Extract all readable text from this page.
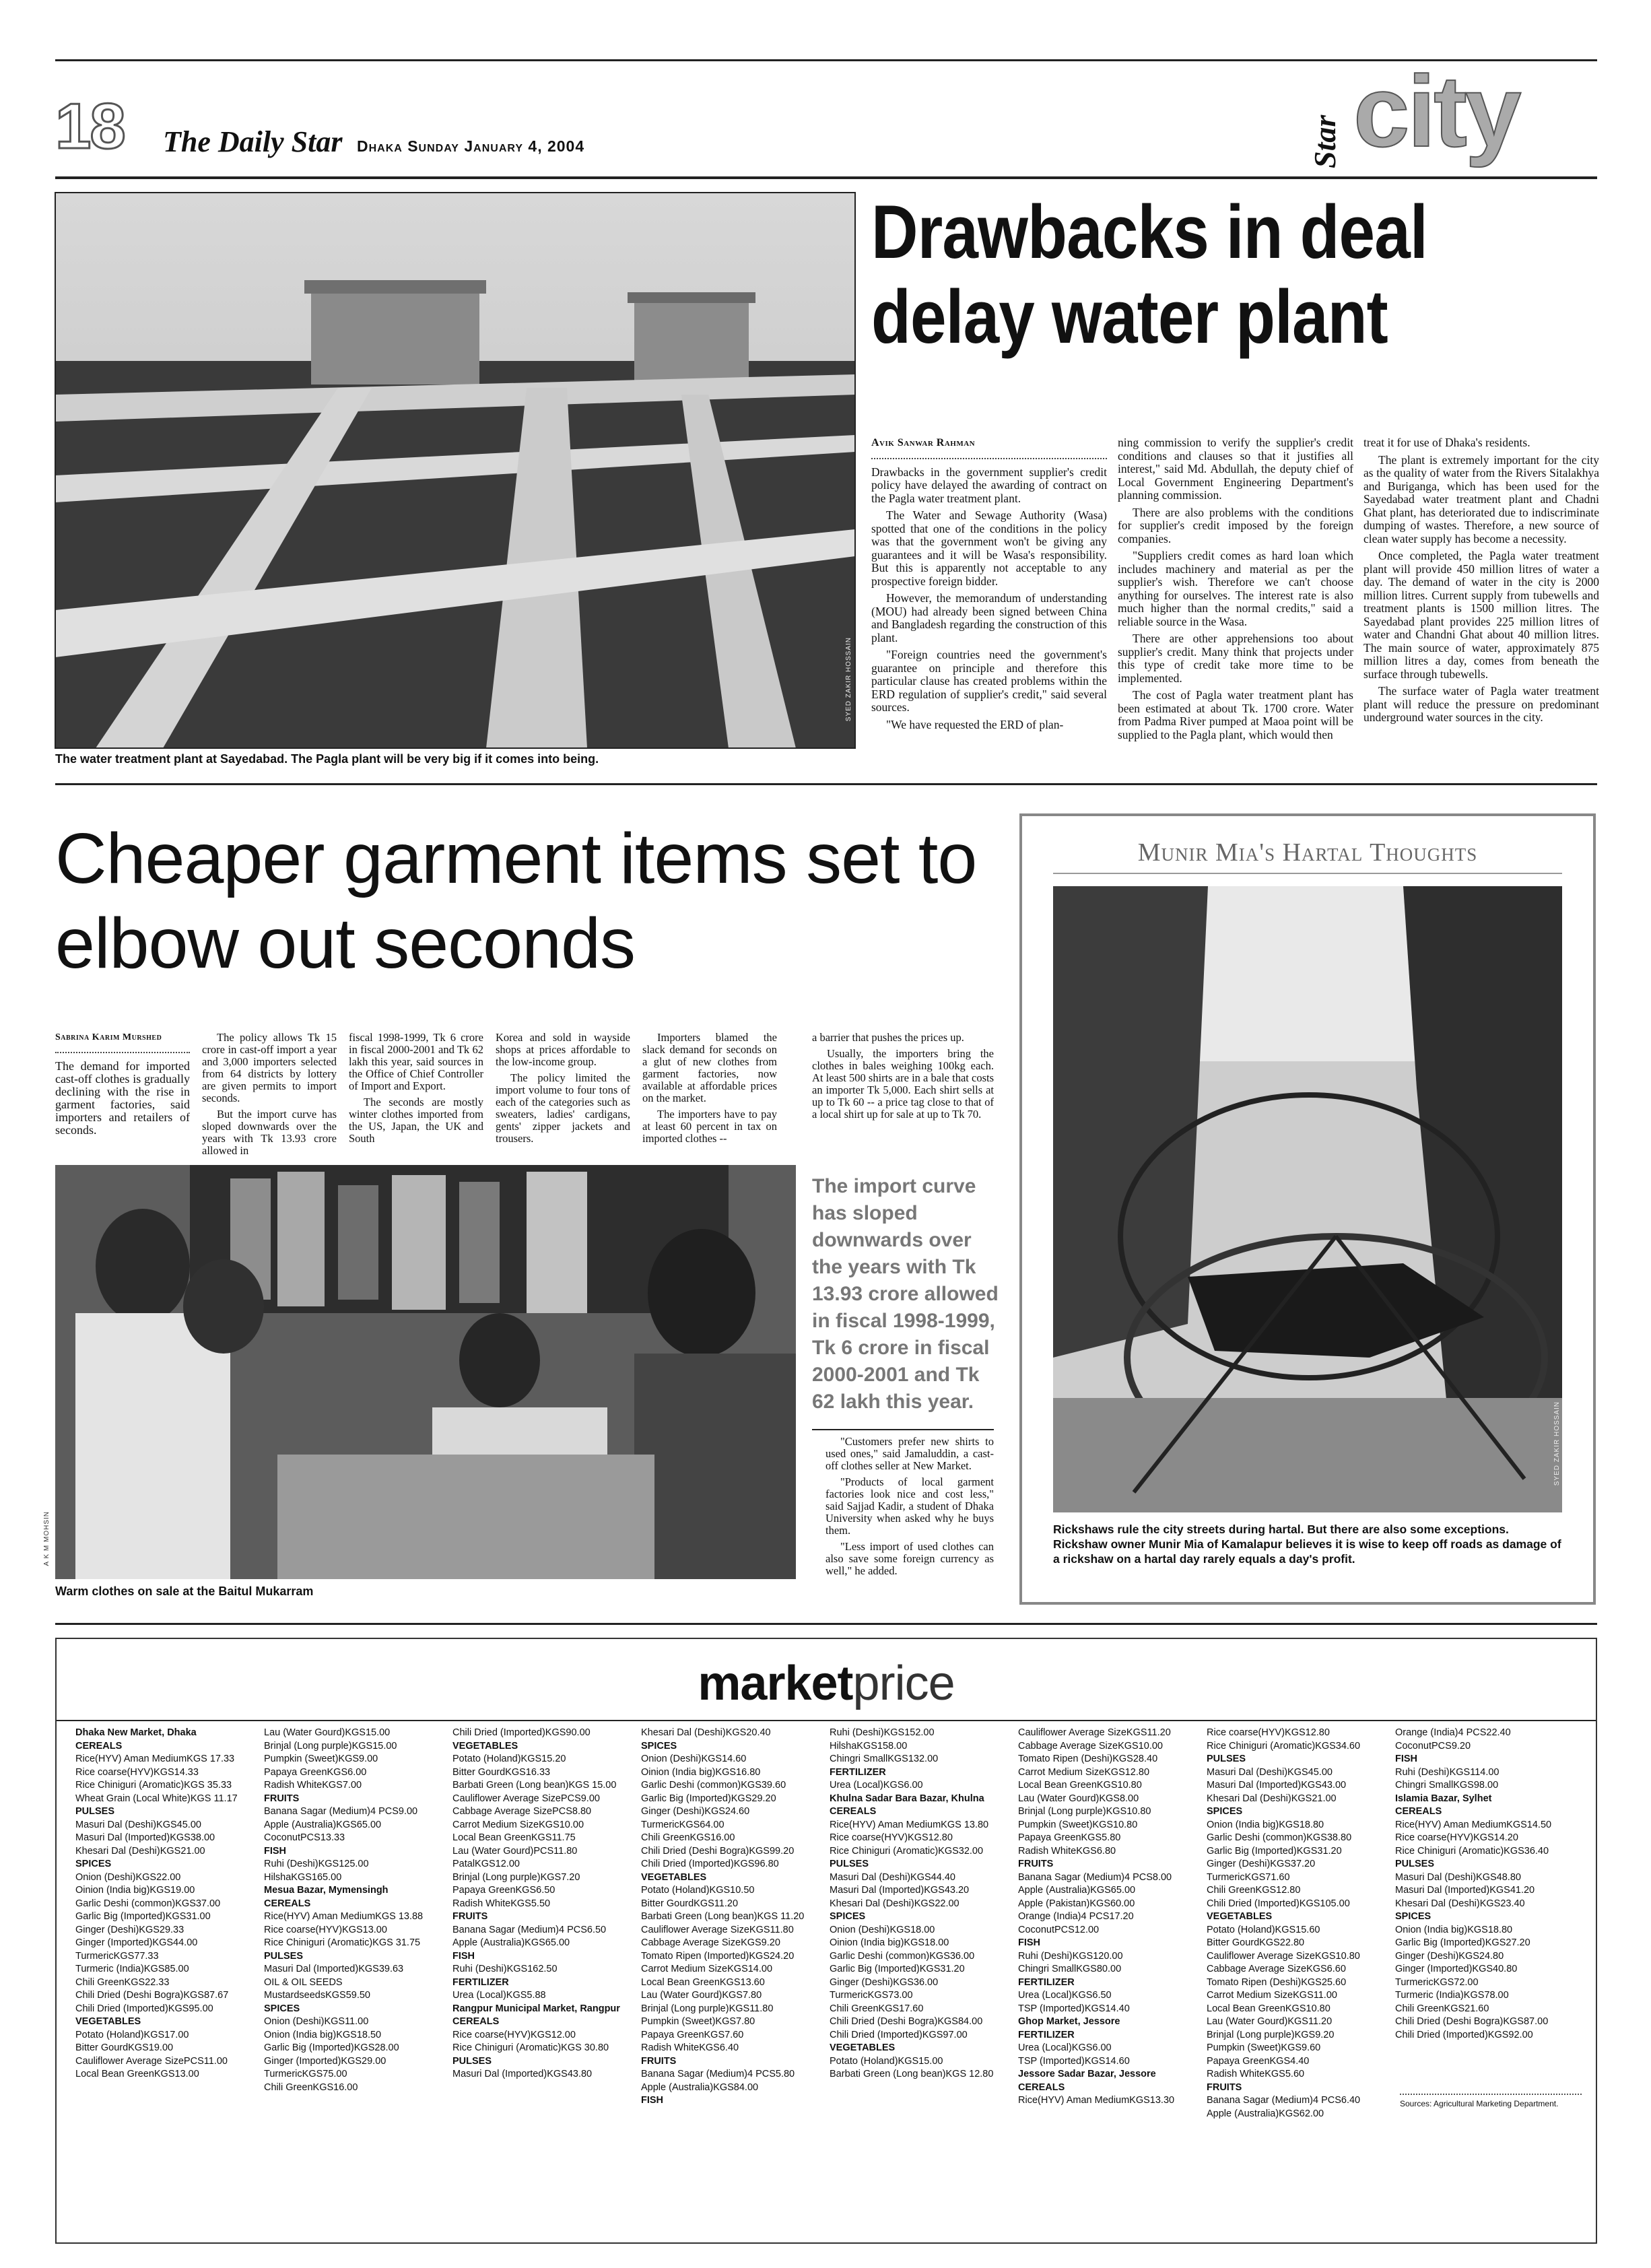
18 The Daily Star Dhaka Sunday January 4, 2004	Star city
SYED ZAKIR HOSSAIN
The water treatment plant at Sayedabad. The Pagla plant will be very big if it comes into being.
Drawbacks in deal delay water plant
Avik Sanwar Rahman

Drawbacks in the government supplier's credit policy have delayed the awarding of contract on the Pagla water treatment plant.

The Water and Sewage Authority (Wasa) spotted that one of the conditions in the policy was that the government won't be giving any guarantees and it will be Wasa's responsibility. But this is apparently not acceptable to any prospective foreign bidder.

However, the memorandum of understanding (MOU) had already been signed between China and Bangladesh regarding the construction of this plant.

"Foreign countries need the government's guarantee on principle and therefore this particular clause has created problems within the ERD regulation of supplier's credit," said several sources.

"We have requested the ERD of plan-

ning commission to verify the supplier's credit conditions and clauses so that it justifies all interest," said Md. Abdullah, the deputy chief of Local Government Engineering Department's planning commission.

There are also problems with the conditions for supplier's credit imposed by the foreign companies.

"Suppliers credit comes as hard loan which includes machinery and material as per the supplier's wish. Therefore we can't choose anything for ourselves. The interest rate is also much higher than the normal credits," said a reliable source in the Wasa.

There are other apprehensions too about supplier's credit. Many think that projects under this type of credit take more time to be implemented.

The cost of Pagla water treatment plant has been estimated at about Tk. 1700 crore. Water from Padma River pumped at Maoa point will be supplied to the Pagla plant, which would then

treat it for use of Dhaka's residents.

The plant is extremely important for the city as the quality of water from the Rivers Sitalakhya and Buriganga, which has been used for the Sayedabad water treatment plant and Chadni Ghat plant, has deteriorated due to indiscriminate dumping of wastes. Therefore, a new source of clean water supply has become a necessity.

Once completed, the Pagla water treatment plant will provide 450 million litres of water a day. The demand of water in the city is 2000 million litres. Current supply from tubewells and treatment plants is 1500 million litres. The Sayedabad plant provides 225 million litres of water and Chandni Ghat about 40 million litres. The main source of water, approximately 875 million litres a day, comes from beneath the surface through tubewells.

The surface water of Pagla water treatment plant will reduce the pressure on predominant underground water sources in the city.

Cheaper garment items set to elbow out seconds
Sabrina Karim Murshed

The demand for imported cast-off clothes is gradually declining with the rise in garment factories, said importers and retailers of seconds.

The policy allows Tk 15 crore in cast-off import a year and 3,000 importers selected from 64 districts by lottery are given permits to import seconds.

But the import curve has sloped downwards over the years with Tk 13.93 crore allowed in

fiscal 1998-1999, Tk 6 crore in fiscal 2000-2001 and Tk 62 lakh this year, said sources in the Office of Chief Controller of Import and Export.

The seconds are mostly winter clothes imported from the US, Japan, the UK and South

Korea and sold in wayside shops at prices affordable to the low-income group.

The policy limited the import volume to four tons of each of the categories such as sweaters, ladies' cardigans, gents' zipper jackets and trousers.

Importers blamed the slack demand for seconds on a glut of new clothes from garment factories, now available at affordable prices on the market.

The importers have to pay at least 60 percent in tax on imported clothes --

a barrier that pushes the prices up.

Usually, the importers bring the clothes in bales weighing 100kg each. At least 500 shirts are in a bale that costs an importer Tk 5,000. Each shirt sells at up to Tk 60 -- a price tag close to that of a local shirt up for sale at up to Tk 70.

A K M MOHSIN
Warm clothes on sale at the Baitul Mukarram
The import curve has sloped downwards over the years with Tk 13.93 crore allowed in fiscal 1998-1999, Tk 6 crore in fiscal 2000-2001 and Tk 62 lakh this year.

"Customers prefer new shirts to used ones," said Jamaluddin, a cast-off clothes seller at New Market.

"Products of local garment factories look nice and cost less," said Sajjad Kadir, a student of Dhaka University when asked why he buys them.

"Less import of used clothes can also save some foreign currency as well," he added.

Munir Mia's Hartal Thoughts
SYED ZAKIR HOSSAIN
Rickshaws rule the city streets during hartal. But there are also some exceptions. Rickshaw owner Munir Mia of Kamalapur believes it is wise to keep off roads as damage of a rickshaw on a hartal day rarely equals a day's profit.
marketprice
Dhaka New Market, Dhaka
CEREALS
Rice(HYV) Aman MediumKGS 17.33
Rice coarse(HYV)KGS14.33
Rice Chiniguri (Aromatic)KGS 35.33
Wheat Grain (Local White)KGS 11.17
PULSES
Masuri Dal (Deshi)KGS45.00
Masuri Dal (Imported)KGS38.00
Khesari Dal (Deshi)KGS21.00
SPICES
Onion (Deshi)KGS22.00
Oinion (India big)KGS19.00
Garlic Deshi (common)KGS37.00
Garlic Big (Imported)KGS31.00
Ginger (Deshi)KGS29.33
Ginger (Imported)KGS44.00
TurmericKGS77.33
Turmeric (India)KGS85.00
Chili GreenKGS22.33
Chili Dried (Deshi Bogra)KGS87.67
Chili Dried (Imported)KGS95.00
VEGETABLES
Potato (Holand)KGS17.00
Bitter GourdKGS19.00
Cauliflower Average SizePCS11.00
Local Bean GreenKGS13.00
Lau (Water Gourd)KGS15.00
Brinjal (Long purple)KGS15.00
Pumpkin (Sweet)KGS9.00
Papaya GreenKGS6.00
Radish WhiteKGS7.00
FRUITS
Banana Sagar (Medium)4 PCS9.00
Apple (Australia)KGS65.00
CoconutPCS13.33
FISH
Ruhi (Deshi)KGS125.00
HilshaKGS165.00
Mesua Bazar, Mymensingh
CEREALS
Rice(HYV) Aman MediumKGS 13.88
Rice coarse(HYV)KGS13.00
Rice Chiniguri (Aromatic)KGS 31.75
PULSES
Masuri Dal (Imported)KGS39.63
OIL & OIL SEEDS
MustardseedsKGS59.50
SPICES
Onion (Deshi)KGS11.00
Onion (India big)KGS18.50
Garlic Big (Imported)KGS28.00
Ginger (Imported)KGS29.00
TurmericKGS75.00
Chili GreenKGS16.00
Chili Dried (Imported)KGS90.00
VEGETABLES
Potato (Holand)KGS15.20
Bitter GourdKGS16.33
Barbati Green (Long bean)KGS 15.00
Cauliflower Average SizePCS9.00
Cabbage Average SizePCS8.80
Carrot Medium SizeKGS10.00
Local Bean GreenKGS11.75
Lau (Water Gourd)PCS11.80
PatalKGS12.00
Brinjal (Long purple)KGS7.20
Papaya GreenKGS6.50
Radish WhiteKGS5.50
FRUITS
Banana Sagar (Medium)4 PCS6.50
Apple (Australia)KGS65.00
FISH
Ruhi (Deshi)KGS162.50
FERTILIZER
Urea (Local)KGS5.88
Rangpur Municipal Market, Rangpur
CEREALS
Rice coarse(HYV)KGS12.00
Rice Chiniguri (Aromatic)KGS 30.80
PULSES
Masuri Dal (Imported)KGS43.80
Khesari Dal (Deshi)KGS20.40
SPICES
Onion (Deshi)KGS14.60
Oinion (India big)KGS16.80
Garlic Deshi (common)KGS39.60
Garlic Big (Imported)KGS29.20
Ginger (Deshi)KGS24.60
TurmericKGS64.00
Chili GreenKGS16.00
Chili Dried (Deshi Bogra)KGS99.20
Chili Dried (Imported)KGS96.80
VEGETABLES
Potato (Holand)KGS10.50
Bitter GourdKGS11.20
Barbati Green (Long bean)KGS 11.20
Cauliflower Average SizeKGS11.80
Cabbage Average SizeKGS9.20
Tomato Ripen (Imported)KGS24.20
Carrot Medium SizeKGS14.00
Local Bean GreenKGS13.60
Lau (Water Gourd)KGS7.80
Brinjal (Long purple)KGS11.80
Pumpkin (Sweet)KGS7.80
Papaya GreenKGS7.60
Radish WhiteKGS6.40
FRUITS
Banana Sagar (Medium)4 PCS5.80
Apple (Australia)KGS84.00
FISH
Ruhi (Deshi)KGS152.00
HilshaKGS158.00
Chingri SmallKGS132.00
FERTILIZER
Urea (Local)KGS6.00
Khulna Sadar Bara Bazar, Khulna
CEREALS
Rice(HYV) Aman MediumKGS 13.80
Rice coarse(HYV)KGS12.80
Rice Chiniguri (Aromatic)KGS32.00
PULSES
Masuri Dal (Deshi)KGS44.40
Masuri Dal (Imported)KGS43.20
Khesari Dal (Deshi)KGS22.00
SPICES
Onion (Deshi)KGS18.00
Oinion (India big)KGS18.00
Garlic Deshi (common)KGS36.00
Garlic Big (Imported)KGS31.20
Ginger (Deshi)KGS36.00
TurmericKGS73.00
Chili GreenKGS17.60
Chili Dried (Deshi Bogra)KGS84.00
Chili Dried (Imported)KGS97.00
VEGETABLES
Potato (Holand)KGS15.00
Barbati Green (Long bean)KGS 12.80
Cauliflower Average SizeKGS11.20
Cabbage Average SizeKGS10.00
Tomato Ripen (Deshi)KGS28.40
Carrot Medium SizeKGS12.80
Local Bean GreenKGS10.80
Lau (Water Gourd)KGS8.00
Brinjal (Long purple)KGS10.80
Pumpkin (Sweet)KGS10.80
Papaya GreenKGS5.80
Radish WhiteKGS6.80
FRUITS
Banana Sagar (Medium)4 PCS8.00
Apple (Australia)KGS65.00
Apple (Pakistan)KGS60.00
Orange (India)4 PCS17.20
CoconutPCS12.00
FISH
Ruhi (Deshi)KGS120.00
Chingri SmallKGS80.00
FERTILIZER
Urea (Local)KGS6.50
TSP (Imported)KGS14.40
Ghop Market, Jessore
FERTILIZER
Urea (Local)KGS6.00
TSP (Imported)KGS14.60
Jessore Sadar Bazar, Jessore
CEREALS
Rice(HYV) Aman MediumKGS13.30
Rice coarse(HYV)KGS12.80
Rice Chiniguri (Aromatic)KGS34.60
PULSES
Masuri Dal (Deshi)KGS45.00
Masuri Dal (Imported)KGS43.00
Khesari Dal (Deshi)KGS21.00
SPICES
Onion (India big)KGS18.80
Garlic Deshi (common)KGS38.80
Garlic Big (Imported)KGS31.20
Ginger (Deshi)KGS37.20
TurmericKGS71.60
Chili GreenKGS12.80
Chili Dried (Imported)KGS105.00
VEGETABLES
Potato (Holand)KGS15.60
Bitter GourdKGS22.80
Cauliflower Average SizeKGS10.80
Cabbage Average SizeKGS6.60
Tomato Ripen (Deshi)KGS25.60
Carrot Medium SizeKGS11.00
Local Bean GreenKGS10.80
Lau (Water Gourd)KGS11.20
Brinjal (Long purple)KGS9.20
Pumpkin (Sweet)KGS9.60
Papaya GreenKGS4.40
Radish WhiteKGS5.60
FRUITS
Banana Sagar (Medium)4 PCS6.40
Apple (Australia)KGS62.00
Orange (India)4 PCS22.40
CoconutPCS9.20
FISH
Ruhi (Deshi)KGS114.00
Chingri SmallKGS98.00
Islamia Bazar, Sylhet
CEREALS
Rice(HYV) Aman MediumKGS14.50
Rice coarse(HYV)KGS14.20
Rice Chiniguri (Aromatic)KGS36.40
PULSES
Masuri Dal (Deshi)KGS48.80
Masuri Dal (Imported)KGS41.20
Khesari Dal (Deshi)KGS23.40
SPICES
Onion (India big)KGS18.80
Garlic Big (Imported)KGS27.20
Ginger (Deshi)KGS24.80
Ginger (Imported)KGS40.80
TurmericKGS72.00
Turmeric (India)KGS78.00
Chili GreenKGS21.60
Chili Dried (Deshi Bogra)KGS87.00
Chili Dried (Imported)KGS92.00
Sources: Agricultural Marketing Department.
